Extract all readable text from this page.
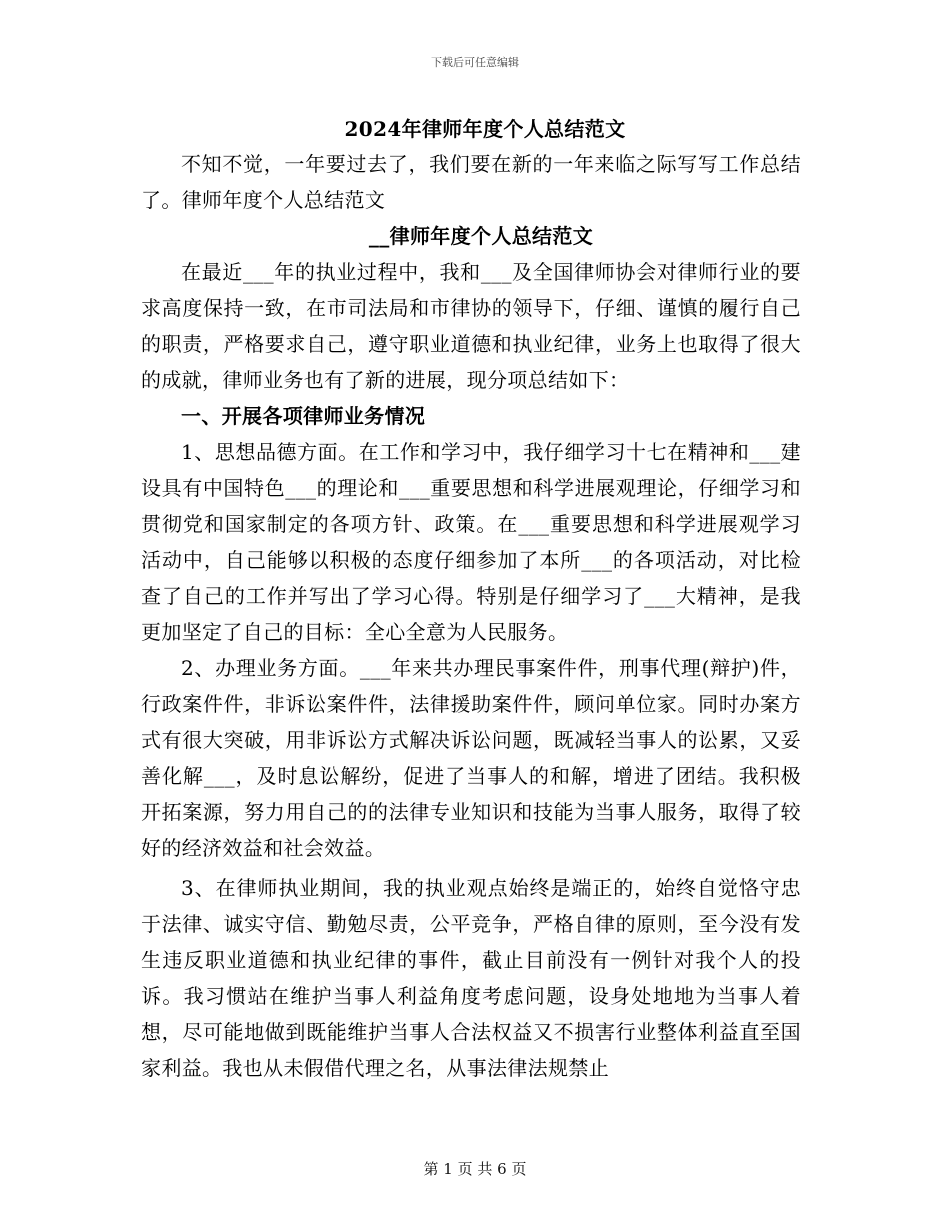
下载后可任意编辑
2024年律师年度个人总结范文

不知不觉，一年要过去了，我们要在新的一年来临之际写写工作总结了。律师年度个人总结范文

__律师年度个人总结范文

在最近___年的执业过程中，我和___及全国律师协会对律师行业的要求高度保持一致，在市司法局和市律协的领导下，仔细、谨慎的履行自己的职责，严格要求自己，遵守职业道德和执业纪律，业务上也取得了很大的成就，律师业务也有了新的进展，现分项总结如下：

一、开展各项律师业务情况

1、思想品德方面。在工作和学习中，我仔细学习十七在精神和___建设具有中国特色___的理论和___重要思想和科学进展观理论，仔细学习和贯彻党和国家制定的各项方针、政策。在___重要思想和科学进展观学习活动中，自己能够以积极的态度仔细参加了本所___的各项活动，对比检查了自己的工作并写出了学习心得。特别是仔细学习了___大精神，是我更加坚定了自己的目标：全心全意为人民服务。

2、办理业务方面。___年来共办理民事案件件，刑事代理(辩护)件，行政案件件，非诉讼案件件，法律援助案件件，顾问单位家。同时办案方式有很大突破，用非诉讼方式解决诉讼问题，既减轻当事人的讼累，又妥善化解___，及时息讼解纷，促进了当事人的和解，增进了团结。我积极开拓案源，努力用自己的的法律专业知识和技能为当事人服务，取得了较好的经济效益和社会效益。

3、在律师执业期间，我的执业观点始终是端正的，始终自觉恪守忠于法律、诚实守信、勤勉尽责，公平竞争，严格自律的原则，至今没有发生违反职业道德和执业纪律的事件，截止目前没有一例针对我个人的投诉。我习惯站在维护当事人利益角度考虑问题，设身处地地为当事人着想，尽可能地做到既能维护当事人合法权益又不损害行业整体利益直至国家利益。我也从未假借代理之名，从事法律法规禁止

第 1 页 共 6 页
